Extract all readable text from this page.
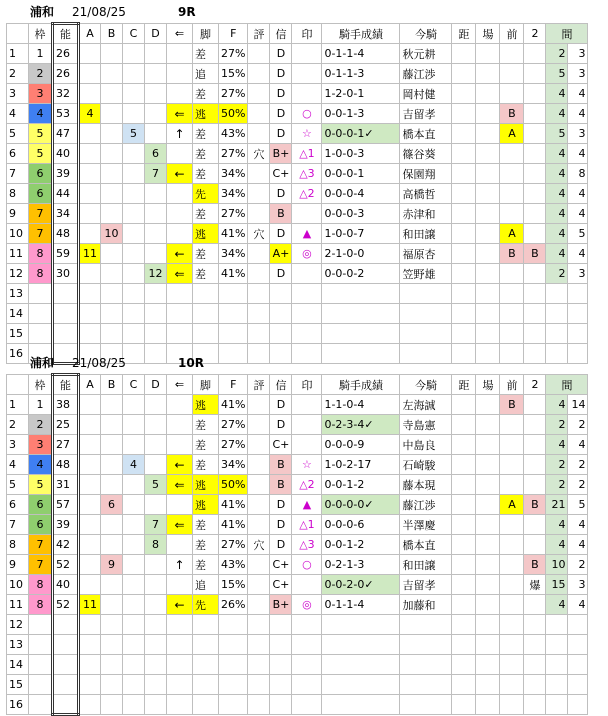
浦和 21/08/25	9R
	枠	能	A	B	C	D	⇐	脚	F	評	信	印	騎手成績	今騎	距	場	前	2	間	
1	1	26						差	27%		D		0-1-1-4	秋元耕					2	3
2	2	26						追	15%		D		0-1-1-3	藤江渉					5	3
3	3	32						差	27%		D		1-2-0-1	岡村健					4	4
4	4	53	4				⇐	逃	50%		D	○	0-0-1-3	吉留孝			B		4	4
5	5	47			5		↑	差	43%		D	☆	0-0-0-1✓	橋本直			A		5	3
6	5	40				6		差	27%	穴	B+	△1	1-0-0-3	篠谷葵					4	4
7	6	39				7	←	差	34%		C+	△3	0-0-0-1	保園翔					4	8
8	6	44						先	34%		D	△2	0-0-0-4	高橋哲					4	4
9	7	34						差	27%		B		0-0-0-3	赤津和					4	4
10	7	48		10				逃	41%	穴	D	▲	1-0-0-7	和田譲			A		4	5
11	8	59	11				←	差	34%		A+	◎	2-1-0-0	福原杏			B	B	4	4
12	8	30				12	⇐	差	41%		D		0-0-0-2	笠野雄					2	3
13																				
14																				
15																				
16																				
浦和 21/08/25	10R
	枠	能	A	B	C	D	⇐	脚	F	評	信	印	騎手成績	今騎	距	場	前	2	間	
1	1	38						逃	41%		D		1-1-0-4	左海誠			B		4	14
2	2	25						差	27%		D		0-2-3-4✓	寺島憲					2	2
3	3	27						差	27%		C+		0-0-0-9	中島良					4	4
4	4	48			4		←	差	34%		B	☆	1-0-2-17	石崎駿					2	2
5	5	31				5	⇐	逃	50%		B	△2	0-0-1-2	藤本現					2	2
6	6	57		6				逃	41%		D	▲	0-0-0-0✓	藤江渉			A	B	21	5
7	6	39				7	⇐	差	41%		D	△1	0-0-0-6	半澤慶					4	4
8	7	42				8		差	27%	穴	D	△3	0-0-1-2	橋本直					4	4
9	7	52		9			↑	差	43%		C+	○	0-2-1-3	和田譲				B	10	2
10	8	40						追	15%		C+		0-0-2-0✓	吉留孝				爆	15	3
11	8	52	11				←	先	26%		B+	◎	0-1-1-4	加藤和					4	4
12																				
13																				
14																				
15																				
16																				
